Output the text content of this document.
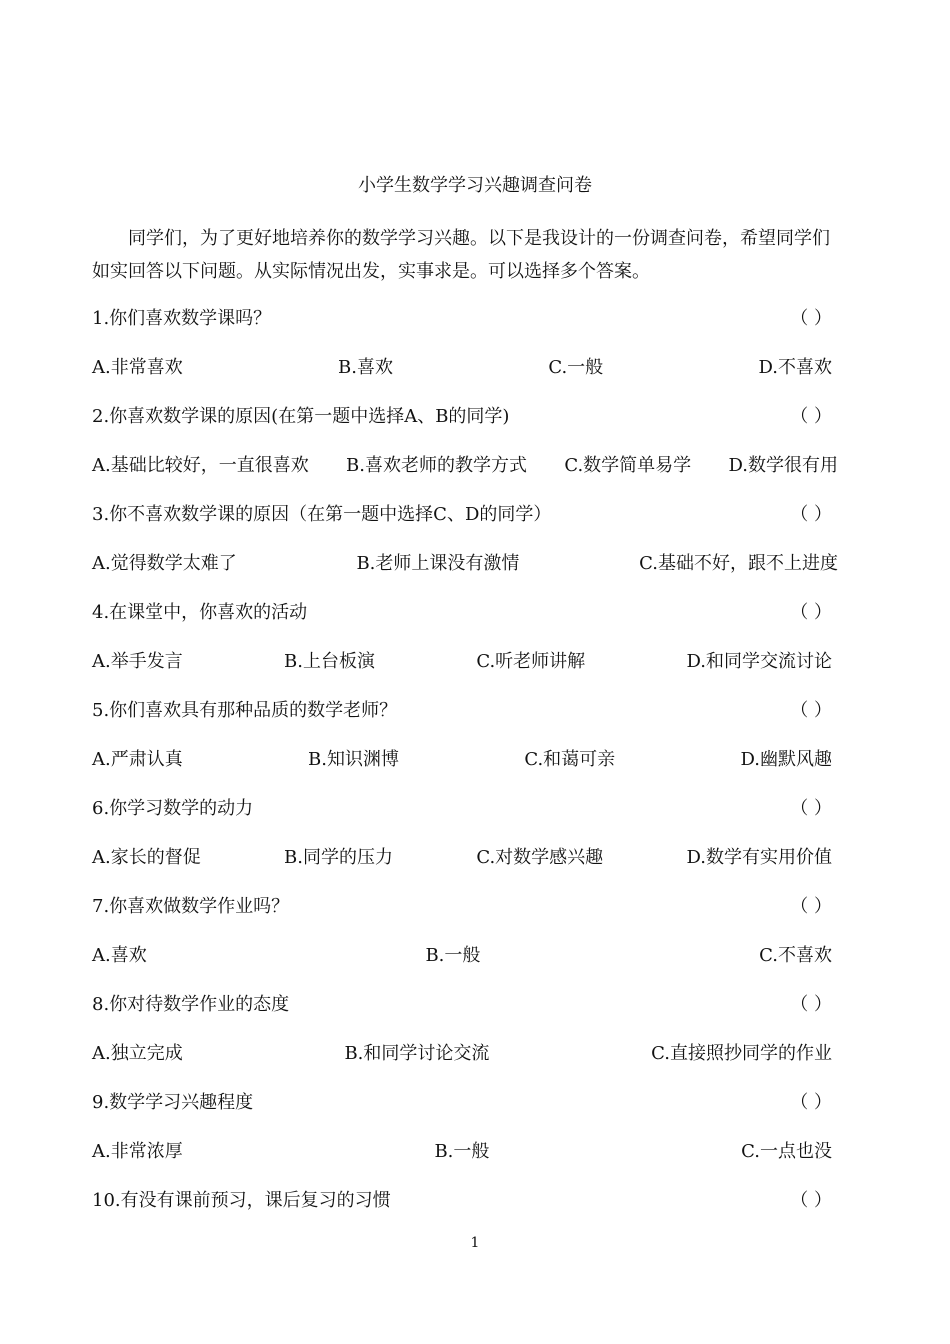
小学生数学学习兴趣调查问卷
同学们，为了更好地培养你的数学学习兴趣。以下是我设计的一份调查问卷，希望同学们如实回答以下问题。从实际情况出发，实事求是。可以选择多个答案。
1.你们喜欢数学课吗？	（ ）
A.非常喜欢	B.喜欢	C.一般	D.不喜欢
2.你喜欢数学课的原因(在第一题中选择A、B的同学)	（ ）
A.基础比较好，一直很喜欢 B.喜欢老师的教学方式 C.数学简单易学 D.数学很有用
3.你不喜欢数学课的原因（在第一题中选择C、D的同学）	（ ）
A.觉得数学太难了	B.老师上课没有激情	C.基础不好，跟不上进度
4.在课堂中，你喜欢的活动	（ ）
A.举手发言	B.上台板演	C.听老师讲解	D.和同学交流讨论
5.你们喜欢具有那种品质的数学老师？	（ ）
A.严肃认真	B.知识渊博	C.和蔼可亲	D.幽默风趣
6.你学习数学的动力	（ ）
A.家长的督促	B.同学的压力	C.对数学感兴趣	D.数学有实用价值
7.你喜欢做数学作业吗？	（ ）
A.喜欢	B.一般	C.不喜欢
8.你对待数学作业的态度	（ ）
A.独立完成	B.和同学讨论交流	C.直接照抄同学的作业
9.数学学习兴趣程度	（ ）
A.非常浓厚	B.一般	C.一点也没
10.有没有课前预习，课后复习的习惯	（ ）
1
